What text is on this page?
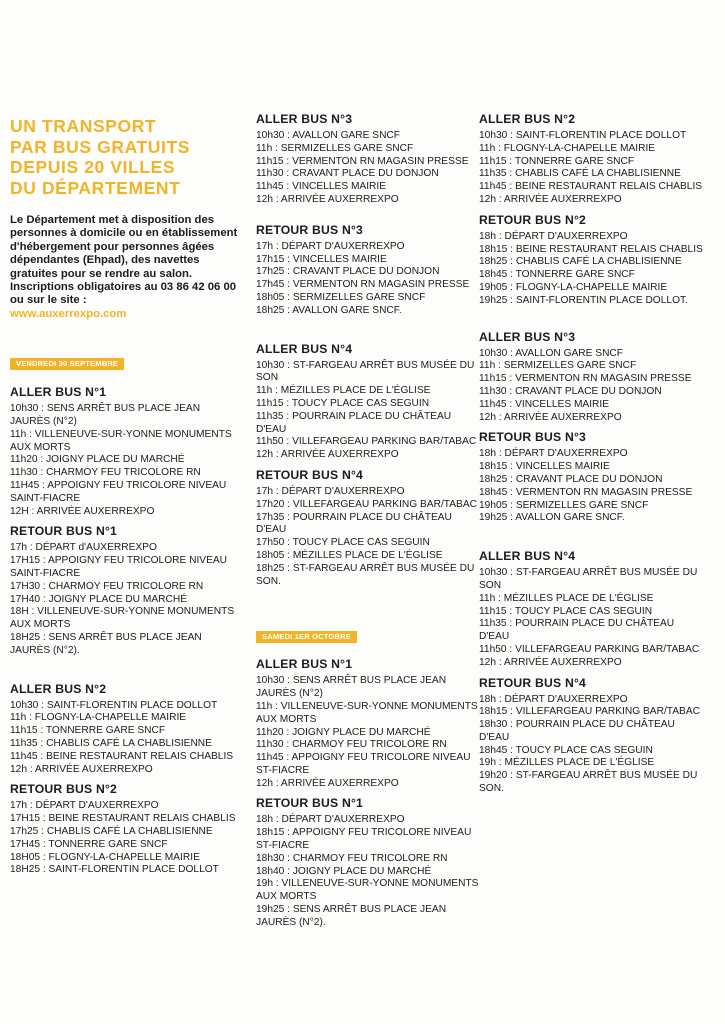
UN TRANSPORT
PAR BUS GRATUITS
DEPUIS 20 VILLES
DU DÉPARTEMENT

Le Département met à disposition des personnes à domicile ou en établissement d'hébergement pour personnes âgées dépendantes (Ehpad), des navettes gratuites pour se rendre au salon. Inscriptions obligatoires au 03 86 42 06 00 ou sur le site :

www.auxerrexpo.com

VENDREDI 30 SEPTEMBRE
ALLER BUS N°1
10h30 : SENS ARRÊT BUS PLACE JEAN JAURÈS (N°2)
11h : VILLENEUVE-SUR-YONNE MONUMENTS AUX MORTS
11h20 : JOIGNY PLACE DU MARCHÉ
11h30 : CHARMOY FEU TRICOLORE RN
11H45 : APPOIGNY FEU TRICOLORE NIVEAU SAINT-FIACRE
12H : ARRIVÉE AUXERREXPO
RETOUR BUS N°1
17h : DÉPART d'AUXERREXPO
17H15 : APPOIGNY FEU TRICOLORE NIVEAU SAINT-FIACRE
17H30 : CHARMOY FEU TRICOLORE RN
17H40 : JOIGNY PLACE DU MARCHÉ
18H : VILLENEUVE-SUR-YONNE MONUMENTS AUX MORTS
18H25 : SENS ARRÊT BUS PLACE JEAN JAURÈS (N°2).
ALLER BUS N°2
10h30 : SAINT-FLORENTIN PLACE DOLLOT
11h : FLOGNY-LA-CHAPELLE MAIRIE
11h15 : TONNERRE GARE SNCF
11h35 : CHABLIS CAFÉ LA CHABLISIENNE
11h45 : BEINE RESTAURANT RELAIS CHABLIS
12h : ARRIVÉE AUXERREXPO
RETOUR BUS N°2
17h : DÉPART D'AUXERREXPO
17H15 : BEINE RESTAURANT RELAIS CHABLIS
17h25 : CHABLIS CAFÉ LA CHABLISIENNE
17H45 : TONNERRE GARE SNCF
18H05 : FLOGNY-LA-CHAPELLE MAIRIE
18H25 : SAINT-FLORENTIN PLACE DOLLOT
ALLER BUS N°3
10h30 : AVALLON GARE SNCF
11h : SERMIZELLES GARE SNCF
11h15 : VERMENTON RN MAGASIN PRESSE
11h30 : CRAVANT PLACE DU DONJON
11h45 : VINCELLES MAIRIE
12h : ARRIVÉE AUXERREXPO
RETOUR BUS N°3
17h : DÉPART D'AUXERREXPO
17h15 : VINCELLES MAIRIE
17h25 : CRAVANT PLACE DU DONJON
17h45 : VERMENTON RN MAGASIN PRESSE
18h05 : SERMIZELLES GARE SNCF
18h25 : AVALLON GARE SNCF.
ALLER BUS N°4
10h30 : ST-FARGEAU ARRÊT BUS MUSÉE DU SON
11h : MÉZILLES PLACE DE L'ÉGLISE
11h15 : TOUCY PLACE CAS SEGUIN
11h35 : POURRAIN PLACE DU CHÂTEAU D'EAU
11h50 : VILLEFARGEAU PARKING BAR/TABAC
12h : ARRIVÉE AUXERREXPO
RETOUR BUS N°4
17h : DÉPART D'AUXERREXPO
17h20 : VILLEFARGEAU PARKING BAR/TABAC
17h35 : POURRAIN PLACE DU CHÂTEAU D'EAU
17h50 : TOUCY PLACE CAS SEGUIN
18h05 : MÉZILLES PLACE DE L'ÉGLISE
18h25 : ST-FARGEAU ARRÊT BUS MUSÉE DU SON.
SAMEDI 1ER OCTOBRE
ALLER BUS N°1
10h30 : SENS ARRÊT BUS PLACE JEAN JAURÈS (N°2)
11h : VILLENEUVE-SUR-YONNE MONUMENTS AUX MORTS
11h20 : JOIGNY PLACE DU MARCHÉ
11h30 : CHARMOY FEU TRICOLORE RN
11h45 : APPOIGNY FEU TRICOLORE NIVEAU ST-FIACRE
12h : ARRIVÉE AUXERREXPO
RETOUR BUS N°1
18h : DÉPART D'AUXERREXPO
18h15 : APPOIGNY FEU TRICOLORE NIVEAU ST-FIACRE
18h30 : CHARMOY FEU TRICOLORE RN
18h40 : JOIGNY PLACE DU MARCHÉ
19h : VILLENEUVE-SUR-YONNE MONUMENTS AUX MORTS
19h25 : SENS ARRÊT BUS PLACE JEAN JAURÈS (N°2).
ALLER BUS N°2
10h30 : SAINT-FLORENTIN PLACE DOLLOT
11h : FLOGNY-LA-CHAPELLE MAIRIE
11h15 : TONNERRE GARE SNCF
11h35 : CHABLIS CAFÉ LA CHABLISIENNE
11h45 : BEINE RESTAURANT RELAIS CHABLIS
12h : ARRIVÉE AUXERREXPO
RETOUR BUS N°2
18h : DÉPART D'AUXERREXPO
18h15 : BEINE RESTAURANT RELAIS CHABLIS
18h25 : CHABLIS CAFÉ LA CHABLISIENNE
18h45 : TONNERRE GARE SNCF
19h05 : FLOGNY-LA-CHAPELLE MAIRIE
19h25 : SAINT-FLORENTIN PLACE DOLLOT.
ALLER BUS N°3
10h30 : AVALLON GARE SNCF
11h : SERMIZELLES GARE SNCF
11h15 : VERMENTON RN MAGASIN PRESSE
11h30 : CRAVANT PLACE DU DONJON
11h45 : VINCELLES MAIRIE
12h : ARRIVÉE AUXERREXPO
RETOUR BUS N°3
18h : DÉPART D'AUXERREXPO
18h15 : VINCELLES MAIRIE
18h25 : CRAVANT PLACE DU DONJON
18h45 : VERMENTON RN MAGASIN PRESSE
19h05 : SERMIZELLES GARE SNCF
19h25 : AVALLON GARE SNCF.
ALLER BUS N°4
10h30 : ST-FARGEAU ARRÊT BUS MUSÉE DU SON
11h : MÉZILLES PLACE DE L'ÉGLISE
11h15 : TOUCY PLACE CAS SEGUIN
11h35 : POURRAIN PLACE DU CHÂTEAU D'EAU
11h50 : VILLEFARGEAU PARKING BAR/TABAC
12h : ARRIVÉE AUXERREXPO
RETOUR BUS N°4
18h : DÉPART D'AUXERREXPO
18h15 : VILLEFARGEAU PARKING BAR/TABAC
18h30 : POURRAIN PLACE DU CHÂTEAU D'EAU
18h45 : TOUCY PLACE CAS SEGUIN
19h : MÉZILLES PLACE DE L'ÉGLISE
19h20 : ST-FARGEAU ARRÊT BUS MUSÉE DU SON.
